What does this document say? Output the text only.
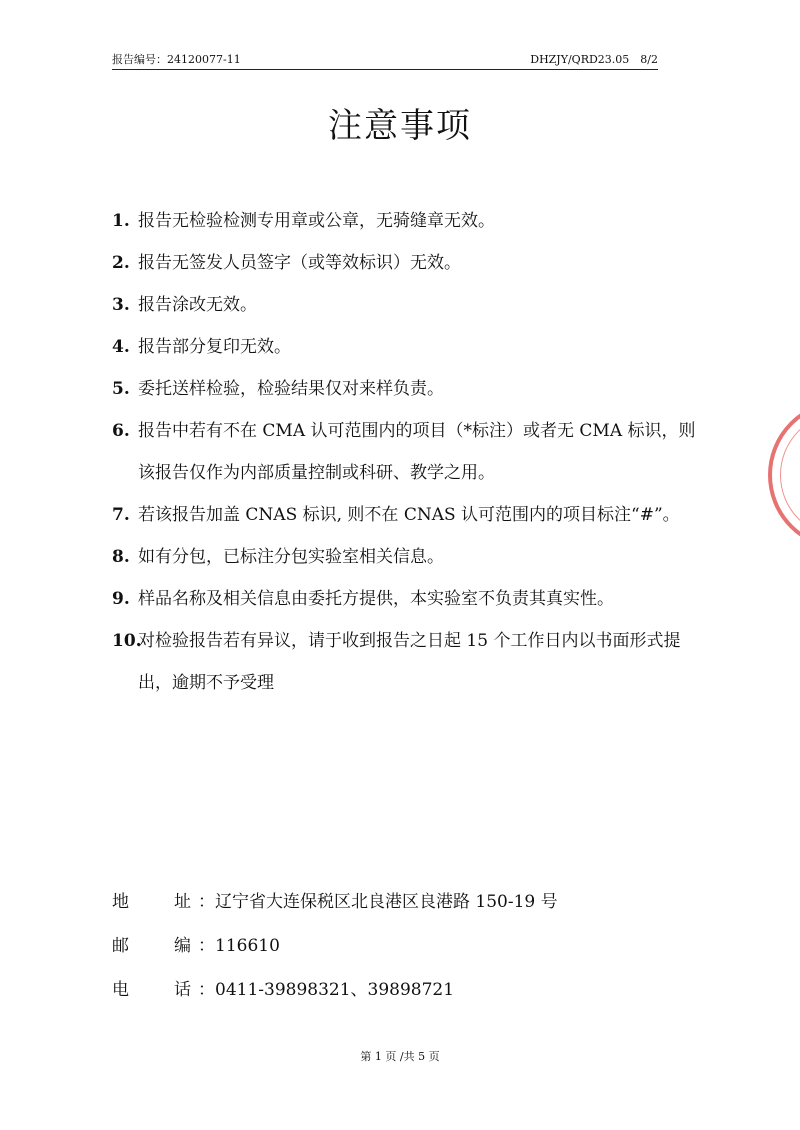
报告编号：24120077-11	DHZJY/QRD23.05　8/2
注意事项
1. 报告无检验检测专用章或公章，无骑缝章无效。
2. 报告无签发人员签字（或等效标识）无效。
3. 报告涂改无效。
4. 报告部分复印无效。
5. 委托送样检验，检验结果仅对来样负责。
6. 报告中若有不在 CMA 认可范围内的项目（*标注）或者无 CMA 标识，则该报告仅作为内部质量控制或科研、教学之用。
7. 若该报告加盖 CNAS 标识, 则不在 CNAS 认可范围内的项目标注“#”。
8. 如有分包，已标注分包实验室相关信息。
9. 样品名称及相关信息由委托方提供，本实验室不负责其真实性。
10.
对检验报告若有异议，请于收到报告之日起 15 个工作日内以书面形式提出，逾期不予受理
地	址 ：辽宁省大连保税区北良港区良港路 150-19 号
邮	编 ：116610
电	话 ：0411-39898321、39898721
第 1 页 /共 5 页
